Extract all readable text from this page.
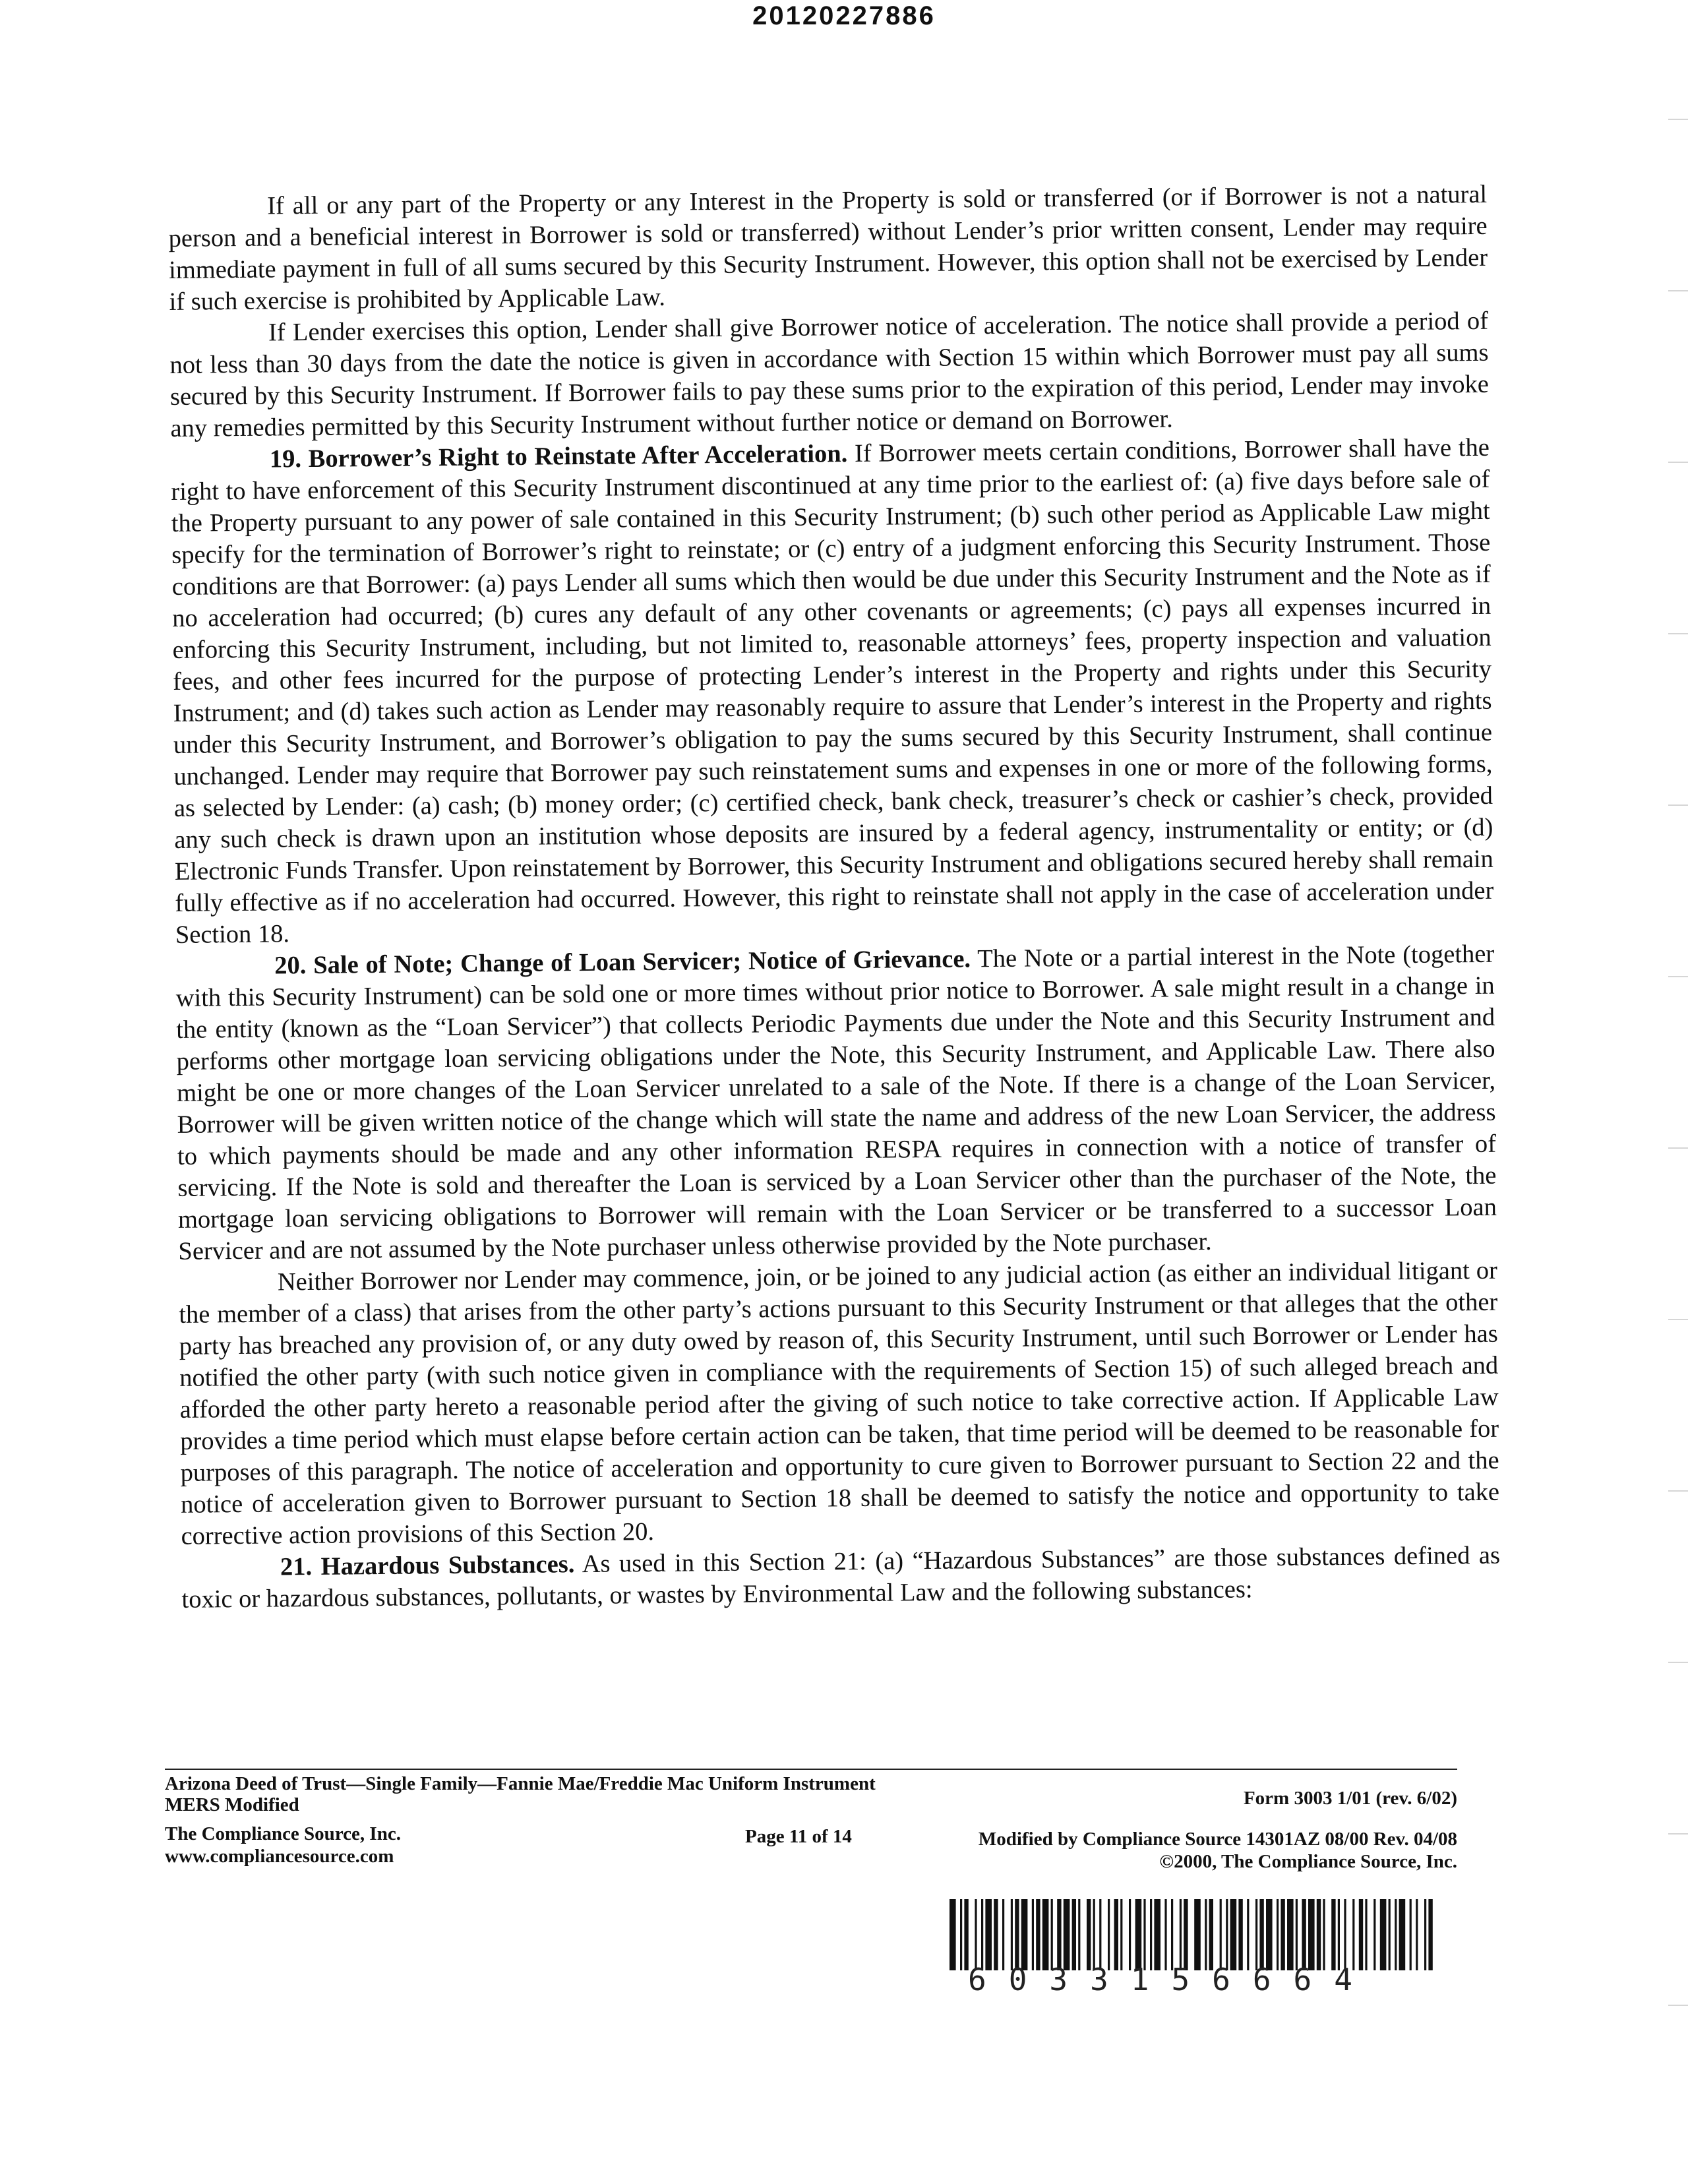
20120227886

If all or any part of the Property or any Interest in the Property is sold or transferred (or if Borrower is not a natural person and a beneficial interest in Borrower is sold or transferred) without Lender’s prior written consent, Lender may require immediate payment in full of all sums secured by this Security Instrument. However, this option shall not be exercised by Lender if such exercise is prohibited by Applicable Law.

If Lender exercises this option, Lender shall give Borrower notice of acceleration. The notice shall provide a period of not less than 30 days from the date the notice is given in accordance with Section 15 within which Borrower must pay all sums secured by this Security Instrument. If Borrower fails to pay these sums prior to the expiration of this period, Lender may invoke any remedies permitted by this Security Instrument without further notice or demand on Borrower.

19. Borrower’s Right to Reinstate After Acceleration. If Borrower meets certain conditions, Borrower shall have the right to have enforcement of this Security Instrument discontinued at any time prior to the earliest of: (a) five days before sale of the Property pursuant to any power of sale contained in this Security Instrument; (b) such other period as Applicable Law might specify for the termination of Borrower’s right to reinstate; or (c) entry of a judgment enforcing this Security Instrument. Those conditions are that Borrower: (a) pays Lender all sums which then would be due under this Security Instrument and the Note as if no acceleration had occurred; (b) cures any default of any other covenants or agreements; (c) pays all expenses incurred in enforcing this Security Instrument, including, but not limited to, reasonable attorneys’ fees, property inspection and valuation fees, and other fees incurred for the purpose of protecting Lender’s interest in the Property and rights under this Security Instrument; and (d) takes such action as Lender may reasonably require to assure that Lender’s interest in the Property and rights under this Security Instrument, and Borrower’s obligation to pay the sums secured by this Security Instrument, shall continue unchanged. Lender may require that Borrower pay such reinstatement sums and expenses in one or more of the following forms, as selected by Lender: (a) cash; (b) money order; (c) certified check, bank check, treasurer’s check or cashier’s check, provided any such check is drawn upon an institution whose deposits are insured by a federal agency, instrumentality or entity; or (d) Electronic Funds Transfer. Upon reinstatement by Borrower, this Security Instrument and obligations secured hereby shall remain fully effective as if no acceleration had occurred. However, this right to reinstate shall not apply in the case of acceleration under Section 18.

20. Sale of Note; Change of Loan Servicer; Notice of Grievance. The Note or a partial interest in the Note (together with this Security Instrument) can be sold one or more times without prior notice to Borrower. A sale might result in a change in the entity (known as the “Loan Servicer”) that collects Periodic Payments due under the Note and this Security Instrument and performs other mortgage loan servicing obligations under the Note, this Security Instrument, and Applicable Law. There also might be one or more changes of the Loan Servicer unrelated to a sale of the Note. If there is a change of the Loan Servicer, Borrower will be given written notice of the change which will state the name and address of the new Loan Servicer, the address to which payments should be made and any other information RESPA requires in connection with a notice of transfer of servicing. If the Note is sold and thereafter the Loan is serviced by a Loan Servicer other than the purchaser of the Note, the mortgage loan servicing obligations to Borrower will remain with the Loan Servicer or be transferred to a successor Loan Servicer and are not assumed by the Note purchaser unless otherwise provided by the Note purchaser.

Neither Borrower nor Lender may commence, join, or be joined to any judicial action (as either an individual litigant or the member of a class) that arises from the other party’s actions pursuant to this Security Instrument or that alleges that the other party has breached any provision of, or any duty owed by reason of, this Security Instrument, until such Borrower or Lender has notified the other party (with such notice given in compliance with the requirements of Section 15) of such alleged breach and afforded the other party hereto a reasonable period after the giving of such notice to take corrective action. If Applicable Law provides a time period which must elapse before certain action can be taken, that time period will be deemed to be reasonable for purposes of this paragraph. The notice of acceleration and opportunity to cure given to Borrower pursuant to Section 22 and the notice of acceleration given to Borrower pursuant to Section 18 shall be deemed to satisfy the notice and opportunity to take corrective action provisions of this Section 20.

21. Hazardous Substances. As used in this Section 21: (a) “Hazardous Substances” are those substances defined as toxic or hazardous substances, pollutants, or wastes by Environmental Law and the following substances:

Arizona Deed of Trust—Single Family—Fannie Mae/Freddie Mac Uniform Instrument
MERS Modified
The Compliance Source, Inc.
www.compliancesource.com
Form 3003 1/01 (rev. 6/02)
Page 11 of 14	Modified by Compliance Source 14301AZ 08/00 Rev. 04/08
©2000, The Compliance Source, Inc.
6033156664
